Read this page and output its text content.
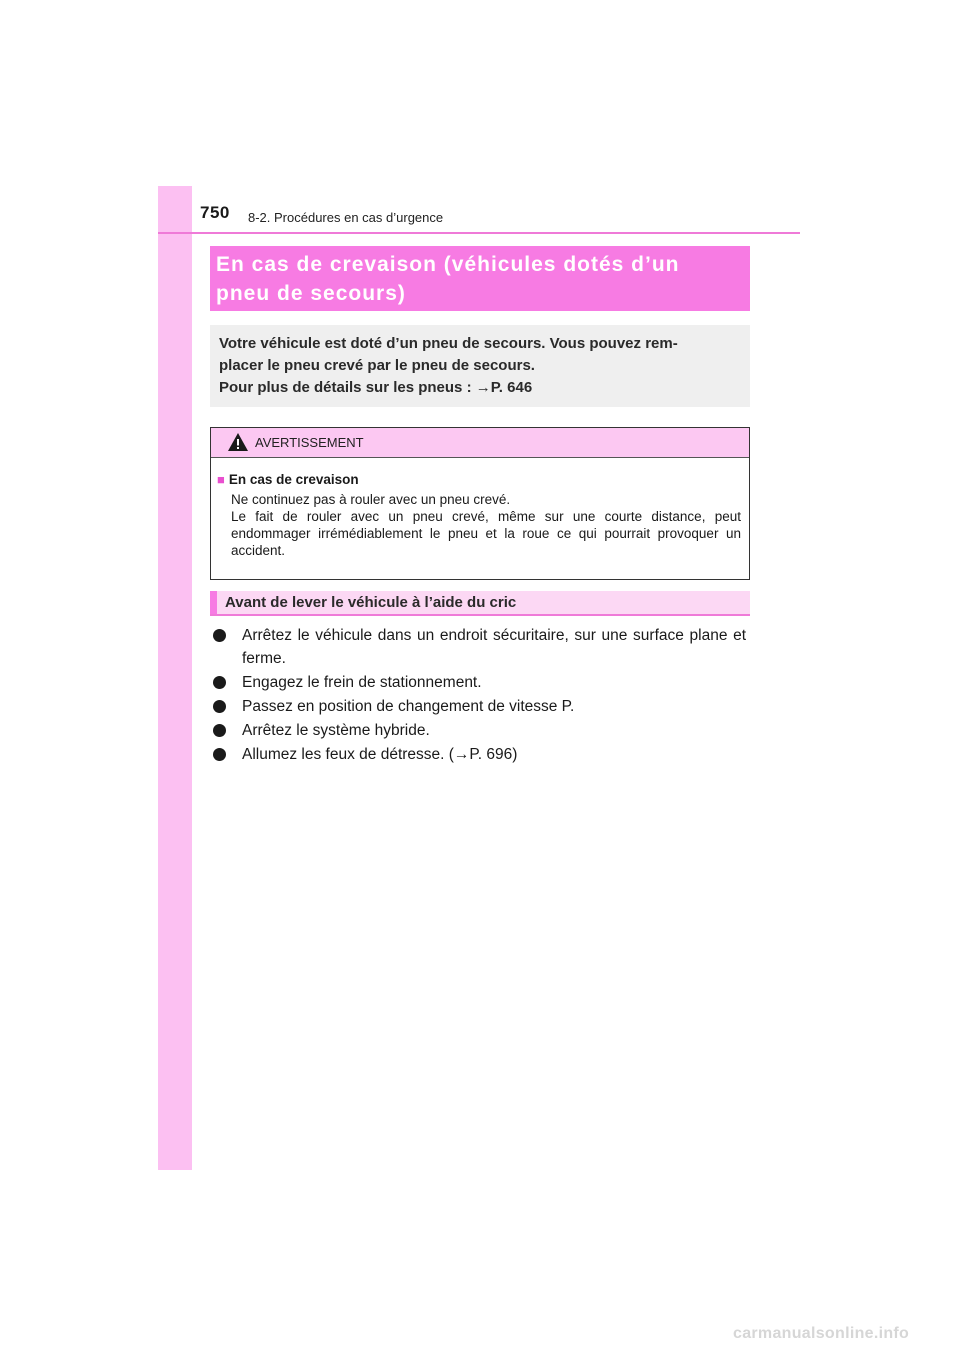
750 8-2. Procédures en cas d’urgence

En cas de crevaison (véhicules dotés d’un

pneu de secours)

Votre véhicule est doté d’un pneu de secours. Vous pouvez rem-

placer le pneu crevé par le pneu de secours.

Pour plus de détails sur les pneus : →P. 646

AVERTISSEMENT

■ En cas de crevaison

Ne continuez pas à rouler avec un pneu crevé.

Le fait de rouler avec un pneu crevé, même sur une courte distance, peut endommager irrémédiablement le pneu et la roue ce qui pourrait provoquer un accident.

Avant de lever le véhicule à l’aide du cric
Arrêtez le véhicule dans un endroit sécuritaire, sur une surface plane et ferme.
Engagez le frein de stationnement.
Passez en position de changement de vitesse P.
Arrêtez le système hybride.
Allumez les feux de détresse. (→P. 696)
carmanualsonline.info
